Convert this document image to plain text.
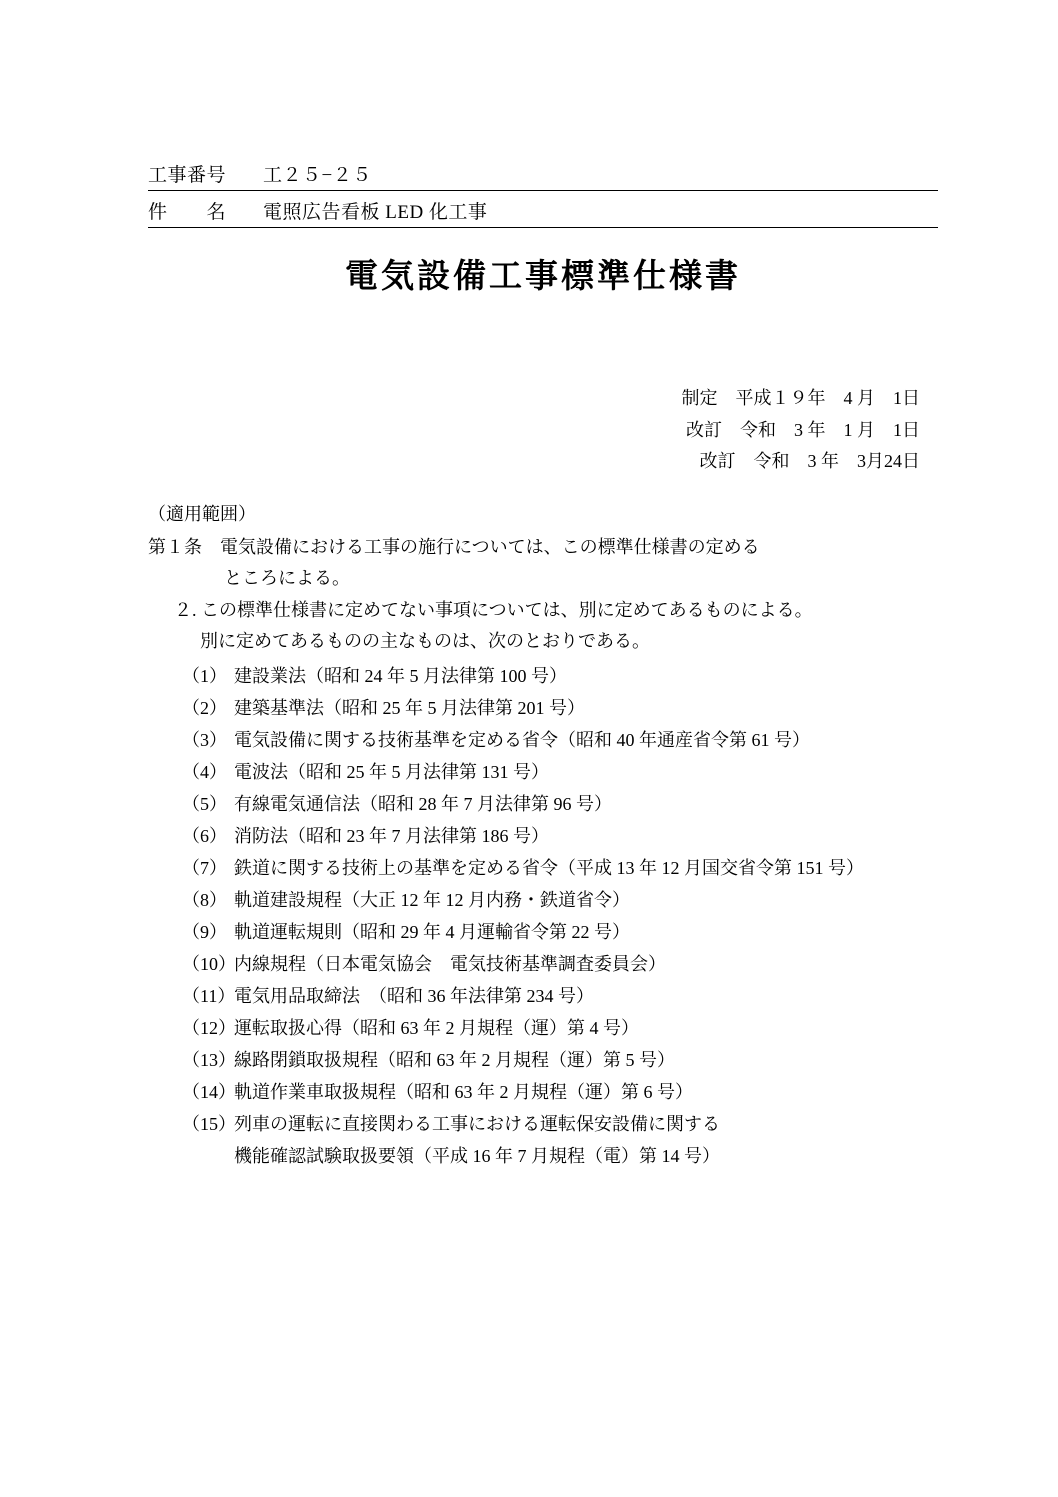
工事番号	工２５−２５
件　　名	電照広告看板 LED 化工事
電気設備工事標準仕様書
制定　平成１９年　4 月　1日
改訂　令和　3 年　1 月　1日
改訂　令和　3 年　3月24日
（適用範囲）
第１条　電気設備における工事の施行については、この標準仕様書の定める
ところによる。
２. この標準仕様書に定めてない事項については、別に定めてあるものによる。
別に定めてあるものの主なものは、次のとおりである。
（1） 建設業法（昭和 24 年 5 月法律第 100 号）
（2） 建築基準法（昭和 25 年 5 月法律第 201 号）
（3） 電気設備に関する技術基準を定める省令（昭和 40 年通産省令第 61 号）
（4） 電波法（昭和 25 年 5 月法律第 131 号）
（5） 有線電気通信法（昭和 28 年 7 月法律第 96 号）
（6） 消防法（昭和 23 年 7 月法律第 186 号）
（7） 鉄道に関する技術上の基準を定める省令（平成 13 年 12 月国交省令第 151 号）
（8） 軌道建設規程（大正 12 年 12 月内務・鉄道省令）
（9） 軌道運転規則（昭和 29 年 4 月運輸省令第 22 号）
（10）
内線規程（日本電気協会　電気技術基準調査委員会）
（11）
電気用品取締法　（昭和 36 年法律第 234 号）
（12）
運転取扱心得（昭和 63 年 2 月規程（運）第 4 号）
（13）
線路閉鎖取扱規程（昭和 63 年 2 月規程（運）第 5 号）
（14）
軌道作業車取扱規程（昭和 63 年 2 月規程（運）第 6 号）
（15）
列車の運転に直接関わる工事における運転保安設備に関する
機能確認試験取扱要領（平成 16 年 7 月規程（電）第 14 号）
